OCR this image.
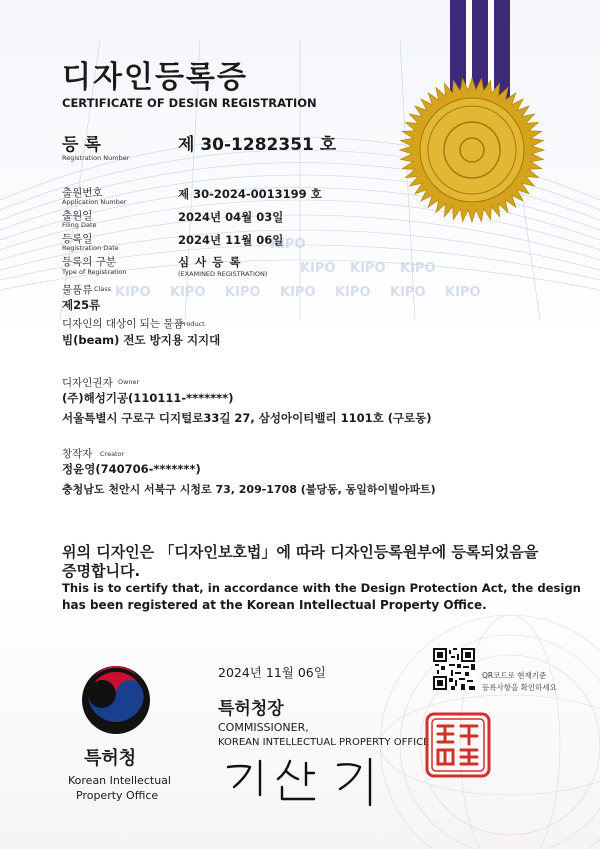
KIPO
KIPO KIPO KIPO
KIPO KIPO KIPO KIPO KIPO KIPO KIPO
디자인등록증
CERTIFICATE OF DESIGN REGISTRATION
등 록
Registration Number
제 30-1282351 호
출원번호
Application Number
제 30-2024-0013199 호
출원일
Filing Date
2024년 04월 03일
등록일
Registration Date
2024년 11월 06일
등록의 구분
Type of Registration
심 사 등 록
(EXAMINED REGISTRATION)
물품류 Class
제25류
디자인의 대상이 되는 물품
Product
빔(beam) 전도 방지용 지지대
디자인권자 Owner
(주)해성기공(110111-*******)
서울특별시 구로구 디지털로33길 27, 삼성아이티밸리 1101호 (구로동)
창작자 Creator
정윤영(740706-*******)
충청남도 천안시 서북구 시청로 73, 209-1708 (불당동, 동일하이빌아파트)
위의 디자인은 「디자인보호법」에 따라 디자인등록원부에 등록되었음을
증명합니다.
This is to certify that, in accordance with the Design Protection Act, the design
has been registered at the Korean Intellectual Property Office.
2024년 11월 06일	QR코드로 현재기준
등록사항을 확인하세요
특허청
Korean Intellectual
Property Office
특허청장
COMMISSIONER,
KOREAN INTELLECTUAL PROPERTY OFFICE
